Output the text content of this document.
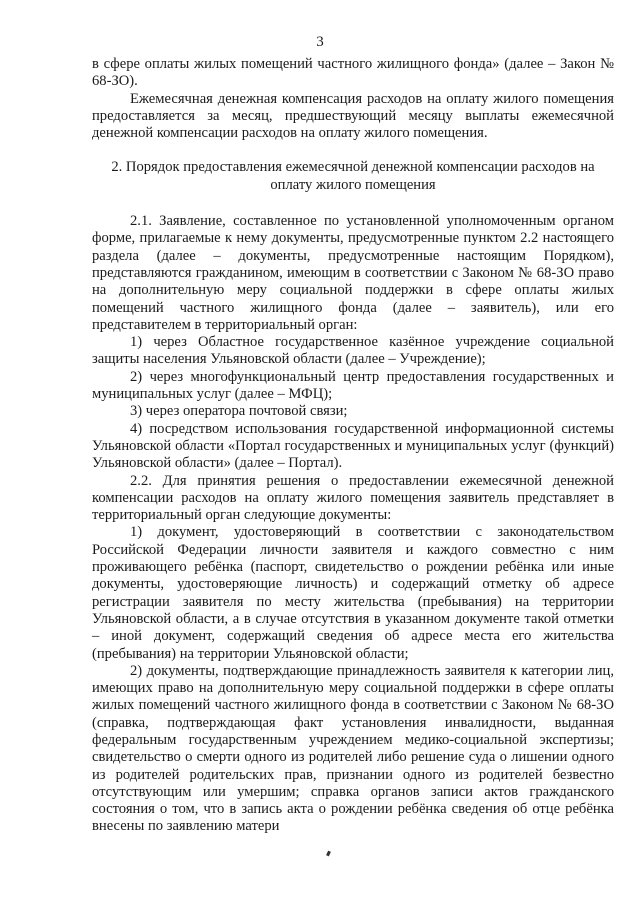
3

в сфере оплаты жилых помещений частного жилищного фонда» (далее – Закон № 68-ЗО).

Ежемесячная денежная компенсация расходов на оплату жилого помещения предоставляется за месяц, предшествующий месяцу выплаты ежемесячной денежной компенсации расходов на оплату жилого помещения.

2. Порядок предоставления ежемесячной денежной компенсации расходов на оплату жилого помещения

2.1. Заявление, составленное по установленной уполномоченным органом форме, прилагаемые к нему документы, предусмотренные пунктом 2.2 настоящего раздела (далее – документы, предусмотренные настоящим Порядком), представляются гражданином, имеющим в соответствии с Законом № 68-ЗО право на дополнительную меру социальной поддержки в сфере оплаты жилых помещений частного жилищного фонда (далее – заявитель), или его представителем в территориальный орган:

1) через Областное государственное казённое учреждение социальной защиты населения Ульяновской области (далее – Учреждение);

2) через многофункциональный центр предоставления государственных и муниципальных услуг (далее – МФЦ);

3) через оператора почтовой связи;

4) посредством использования государственной информационной системы Ульяновской области «Портал государственных и муниципальных услуг (функций) Ульяновской области» (далее – Портал).

2.2. Для принятия решения о предоставлении ежемесячной денежной компенсации расходов на оплату жилого помещения заявитель представляет в территориальный орган следующие документы:

1) документ, удостоверяющий в соответствии с законодательством Российской Федерации личности заявителя и каждого совместно с ним проживающего ребёнка (паспорт, свидетельство о рождении ребёнка или иные документы, удостоверяющие личность) и содержащий отметку об адресе регистрации заявителя по месту жительства (пребывания) на территории Ульяновской области, а в случае отсутствия в указанном документе такой отметки – иной документ, содержащий сведения об адресе места его жительства (пребывания) на территории Ульяновской области;

2) документы, подтверждающие принадлежность заявителя к категории лиц, имеющих право на дополнительную меру социальной поддержки в сфере оплаты жилых помещений частного жилищного фонда в соответствии с Законом № 68-ЗО (справка, подтверждающая факт установления инвалидности, выданная федеральным государственным учреждением медико-социальной экспертизы; свидетельство о смерти одного из родителей либо решение суда о лишении одного из родителей родительских прав, признании одного из родителей безвестно отсутствующим или умершим; справка органов записи актов гражданского состояния о том, что в запись акта о рождении ребёнка сведения об отце ребёнка внесены по заявлению матери
